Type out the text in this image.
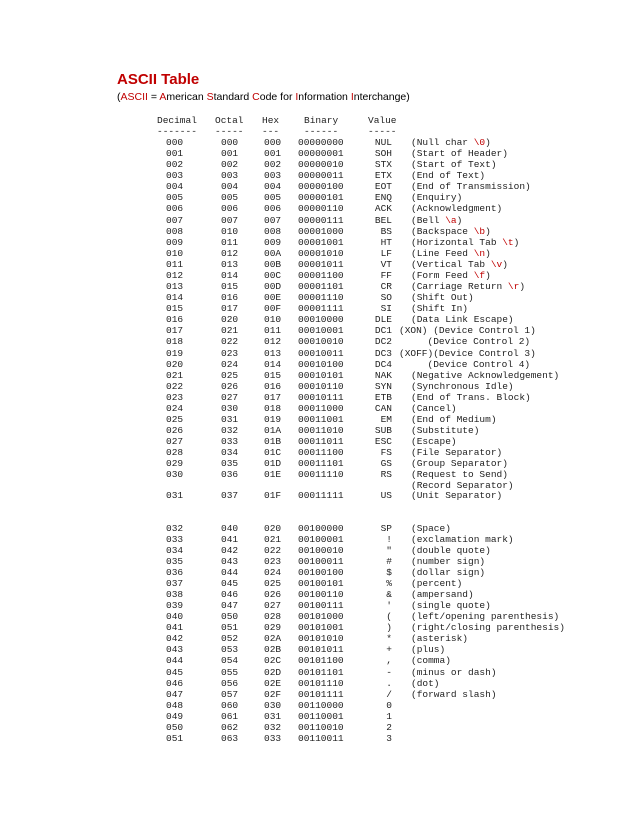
ASCII Table
(ASCII = American Standard Code for Information Interchange)
Decimal Octal Hex	Binary	Value
------- ----- ---	------	-----
000	000	000 00000000	NUL (Null char \0)
001	001	001 00000001	SOH (Start of Header)
002	002	002 00000010	STX (Start of Text)
003	003	003 00000011	ETX (End of Text)
004	004	004 00000100	EOT (End of Transmission)
005	005	005 00000101	ENQ (Enquiry)
006	006	006 00000110	ACK (Acknowledgment)
007	007	007 00000111	BEL (Bell \a)
008	010	008 00001000	BS (Backspace \b)
009	011	009 00001001	HT (Horizontal Tab \t)
010	012	00A 00001010	LF (Line Feed \n)
011	013	00B 00001011	VT (Vertical Tab \v)
012	014	00C 00001100	FF (Form Feed \f)
013	015	00D 00001101	CR (Carriage Return \r)
014	016	00E 00001110	SO (Shift Out)
015	017	00F 00001111	SI (Shift In)
016	020	010 00010000	DLE (Data Link Escape)
017	021	011 00010001	DC1 (XON) (Device Control 1)
018	022	012 00010010	DC2 (Device Control 2)
019	023	013 00010011	DC3 (XOFF)(Device Control 3)
020	024	014 00010100	DC4 (Device Control 4)
021	025	015 00010101	NAK (Negative Acknowledgement)
022	026	016 00010110	SYN (Synchronous Idle)
023	027	017 00010111	ETB (End of Trans. Block)
024	030	018 00011000	CAN (Cancel)
025	031	019 00011001	EM (End of Medium)
026	032	01A 00011010	SUB (Substitute)
027	033	01B 00011011	ESC (Escape)
028	034	01C 00011100	FS (File Separator)
029	035	01D 00011101	GS (Group Separator)
030	036	01E 00011110	RS (Request to Send)
(Record Separator)
031	037	01F 00011111	US (Unit Separator)
032	040	020 00100000	SP (Space)
033	041	021 00100001	! (exclamation mark)
034	042	022 00100010	" (double quote)
035	043	023 00100011	# (number sign)
036	044	024 00100100	$ (dollar sign)
037	045	025 00100101	% (percent)
038	046	026 00100110	& (ampersand)
039	047	027 00100111	' (single quote)
040	050	028 00101000	( (left/opening parenthesis)
041	051	029 00101001	) (right/closing parenthesis)
042	052	02A 00101010	* (asterisk)
043	053	02B 00101011	+ (plus)
044	054	02C 00101100	, (comma)
045	055	02D 00101101	- (minus or dash)
046	056	02E 00101110	. (dot)
047	057	02F 00101111	/ (forward slash)
048	060	030 00110000	0
049	061	031 00110001	1
050	062	032 00110010	2
051	063	033 00110011	3
